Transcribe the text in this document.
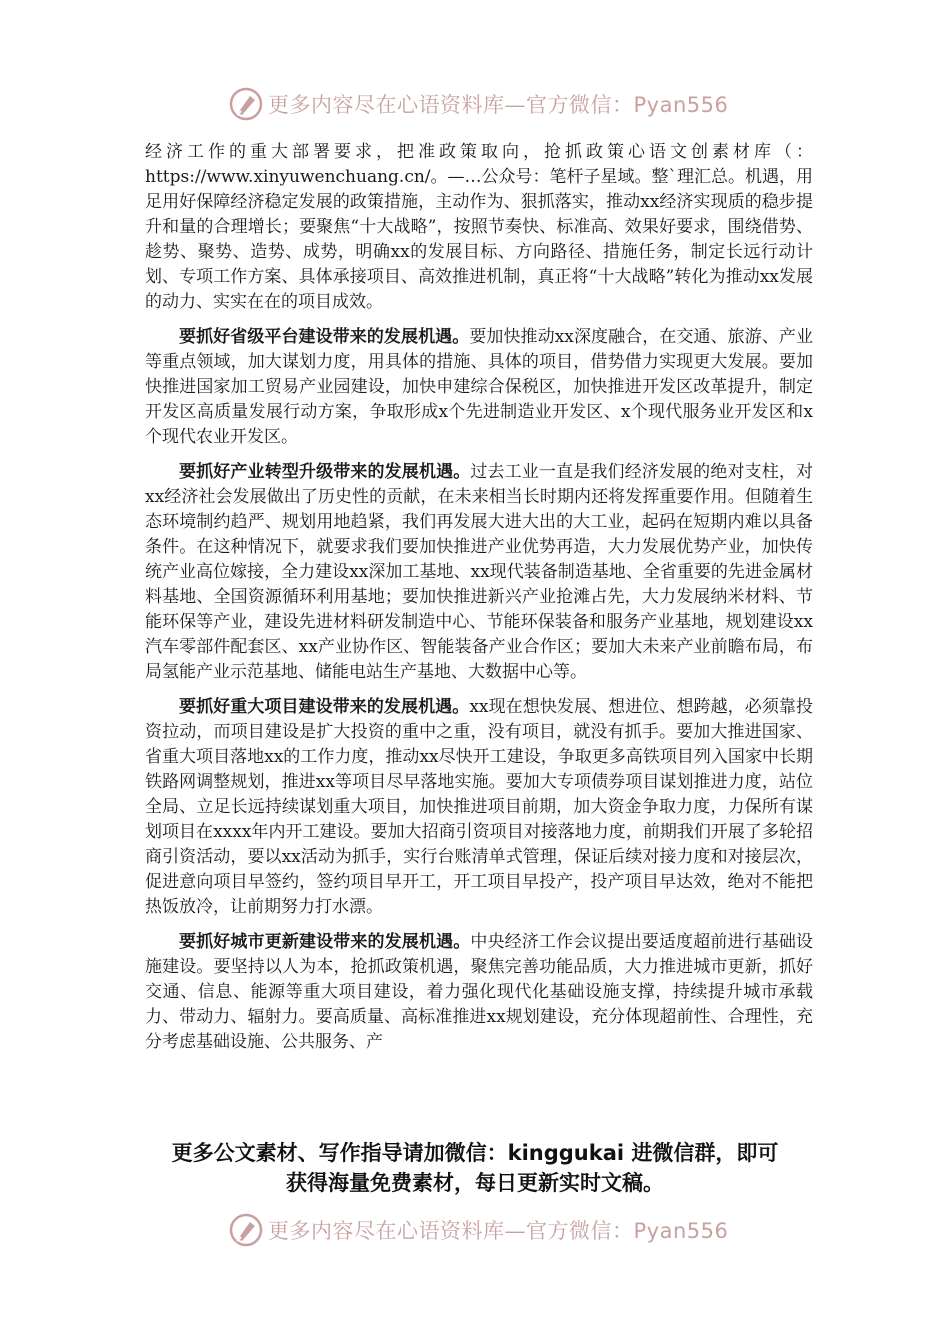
更多内容尽在心语资料库—官方微信：Pyan556

经济工作的重大部署要求，把准政策取向，抢抓政策心语文创素材库（：https://www.xinyuwenchuang.cn/。—…公众号：笔杆子星域。整`理汇总。机遇，用足用好保障经济稳定发展的政策措施，主动作为、狠抓落实，推动xx经济实现质的稳步提升和量的合理增长；要聚焦“十大战略”，按照节奏快、标准高、效果好要求，围绕借势、趁势、聚势、造势、成势，明确xx的发展目标、方向路径、措施任务，制定长远行动计划、专项工作方案、具体承接项目、高效推进机制，真正将“十大战略”转化为推动xx发展的动力、实实在在的项目成效。

要抓好省级平台建设带来的发展机遇。要加快推动xx深度融合，在交通、旅游、产业等重点领域，加大谋划力度，用具体的措施、具体的项目，借势借力实现更大发展。要加快推进国家加工贸易产业园建设，加快申建综合保税区，加快推进开发区改革提升，制定开发区高质量发展行动方案，争取形成x个先进制造业开发区、x个现代服务业开发区和x个现代农业开发区。

要抓好产业转型升级带来的发展机遇。过去工业一直是我们经济发展的绝对支柱，对xx经济社会发展做出了历史性的贡献，在未来相当长时期内还将发挥重要作用。但随着生态环境制约趋严、规划用地趋紧，我们再发展大进大出的大工业，起码在短期内难以具备条件。在这种情况下，就要求我们要加快推进产业优势再造，大力发展优势产业，加快传统产业高位嫁接，全力建设xx深加工基地、xx现代装备制造基地、全省重要的先进金属材料基地、全国资源循环利用基地；要加快推进新兴产业抢滩占先，大力发展纳米材料、节能环保等产业，建设先进材料研发制造中心、节能环保装备和服务产业基地，规划建设xx汽车零部件配套区、xx产业协作区、智能装备产业合作区；要加大未来产业前瞻布局，布局氢能产业示范基地、储能电站生产基地、大数据中心等。

要抓好重大项目建设带来的发展机遇。xx现在想快发展、想进位、想跨越，必须靠投资拉动，而项目建设是扩大投资的重中之重，没有项目，就没有抓手。要加大推进国家、省重大项目落地xx的工作力度，推动xx尽快开工建设，争取更多高铁项目列入国家中长期铁路网调整规划，推进xx等项目尽早落地实施。要加大专项债券项目谋划推进力度，站位全局、立足长远持续谋划重大项目，加快推进项目前期，加大资金争取力度，力保所有谋划项目在xxxx年内开工建设。要加大招商引资项目对接落地力度，前期我们开展了多轮招商引资活动，要以xx活动为抓手，实行台账清单式管理，保证后续对接力度和对接层次，促进意向项目早签约，签约项目早开工，开工项目早投产，投产项目早达效，绝对不能把热饭放冷，让前期努力打水漂。

要抓好城市更新建设带来的发展机遇。中央经济工作会议提出要适度超前进行基础设施建设。要坚持以人为本，抢抓政策机遇，聚焦完善功能品质，大力推进城市更新，抓好交通、信息、能源等重大项目建设，着力强化现代化基础设施支撑，持续提升城市承载力、带动力、辐射力。要高质量、高标准推进xx规划建设，充分体现超前性、合理性，充分考虑基础设施、公共服务、产

更多公文素材、写作指导请加微信：kinggukai 进微信群，即可
获得海量免费素材，每日更新实时文稿。
更多内容尽在心语资料库—官方微信：Pyan556
